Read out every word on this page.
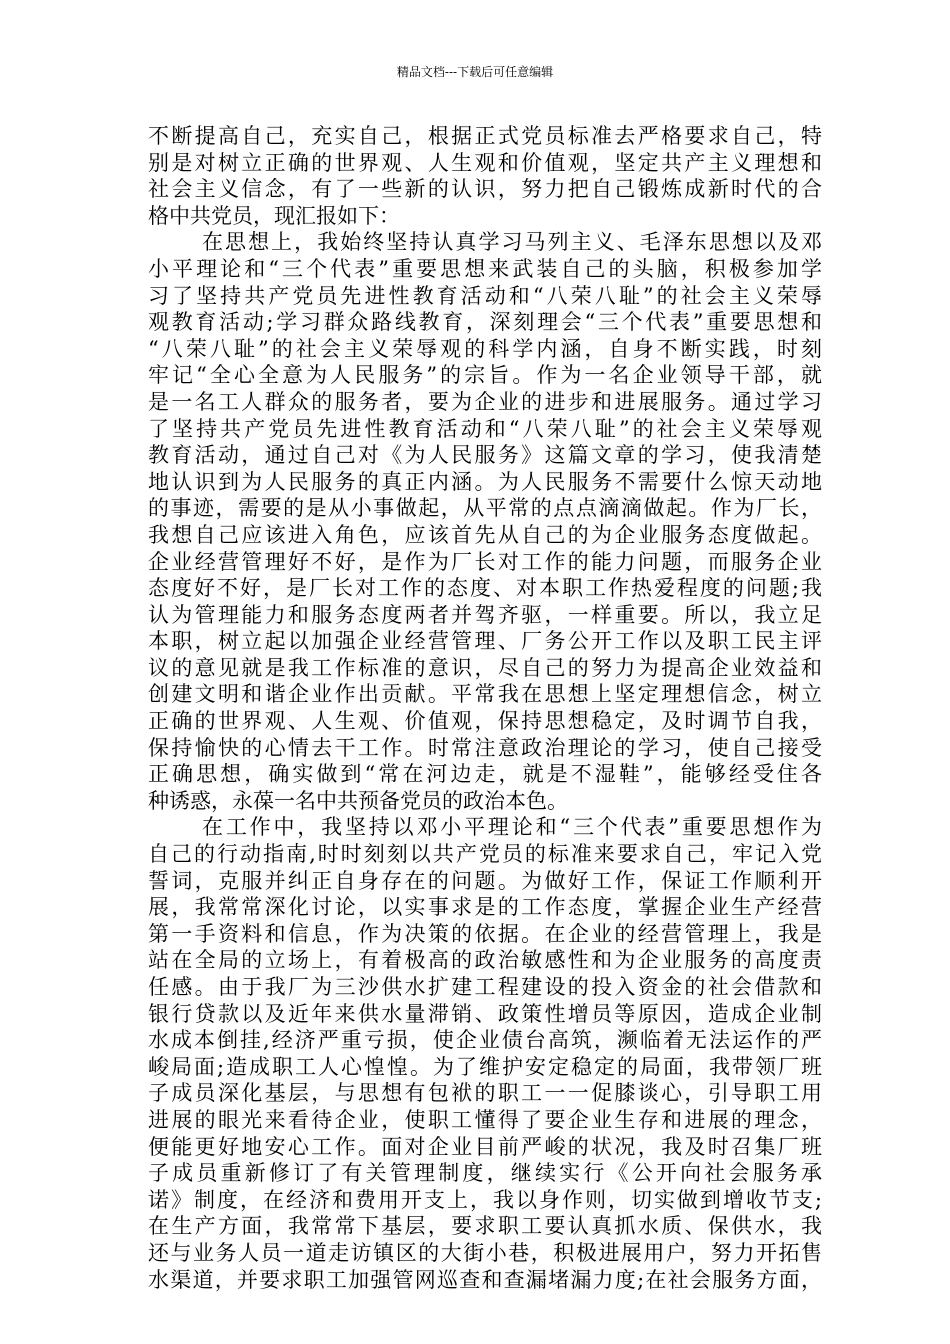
精品文档---下载后可任意编辑
不断提高自己，充实自己，根据正式党员标准去严格要求自己，特
别是对树立正确的世界观、人生观和价值观，坚定共产主义理想和
社会主义信念，有了一些新的认识，努力把自己锻炼成新时代的合
格中共党员，现汇报如下：
在思想上，我始终坚持认真学习马列主义、毛泽东思想以及邓
小平理论和“三个代表”重要思想来武装自己的头脑，积极参加学
习了坚持共产党员先进性教育活动和“八荣八耻”的社会主义荣辱
观教育活动;学习群众路线教育，深刻理会“三个代表”重要思想和
“八荣八耻”的社会主义荣辱观的科学内涵，自身不断实践，时刻
牢记“全心全意为人民服务”的宗旨。作为一名企业领导干部，就
是一名工人群众的服务者，要为企业的进步和进展服务。通过学习
了坚持共产党员先进性教育活动和“八荣八耻”的社会主义荣辱观
教育活动，通过自己对《为人民服务》这篇文章的学习，使我清楚
地认识到为人民服务的真正内涵。为人民服务不需要什么惊天动地
的事迹，需要的是从小事做起，从平常的点点滴滴做起。作为厂长，
我想自己应该进入角色，应该首先从自己的为企业服务态度做起。
企业经营管理好不好，是作为厂长对工作的能力问题，而服务企业
态度好不好，是厂长对工作的态度、对本职工作热爱程度的问题;我
认为管理能力和服务态度两者并驾齐驱，一样重要。所以，我立足
本职，树立起以加强企业经营管理、厂务公开工作以及职工民主评
议的意见就是我工作标准的意识，尽自己的努力为提高企业效益和
创建文明和谐企业作出贡献。平常我在思想上坚定理想信念，树立
正确的世界观、人生观、价值观，保持思想稳定，及时调节自我，
保持愉快的心情去干工作。时常注意政治理论的学习，使自己接受
正确思想，确实做到“常在河边走，就是不湿鞋”，能够经受住各
种诱惑，永葆一名中共预备党员的政治本色。
在工作中，我坚持以邓小平理论和“三个代表”重要思想作为
自己的行动指南,时时刻刻以共产党员的标准来要求自己，牢记入党
誓词，克服并纠正自身存在的问题。为做好工作，保证工作顺利开
展，我常常深化讨论，以实事求是的工作态度，掌握企业生产经营
第一手资料和信息，作为决策的依据。在企业的经营管理上，我是
站在全局的立场上，有着极高的政治敏感性和为企业服务的高度责
任感。由于我厂为三沙供水扩建工程建设的投入资金的社会借款和
银行贷款以及近年来供水量滞销、政策性增员等原因，造成企业制
水成本倒挂,经济严重亏损，使企业债台高筑，濒临着无法运作的严
峻局面;造成职工人心惶惶。为了维护安定稳定的局面，我带领厂班
子成员深化基层，与思想有包袱的职工一一促膝谈心，引导职工用
进展的眼光来看待企业，使职工懂得了要企业生存和进展的理念，
便能更好地安心工作。面对企业目前严峻的状况，我及时召集厂班
子成员重新修订了有关管理制度，继续实行《公开向社会服务承
诺》制度，在经济和费用开支上，我以身作则，切实做到增收节支;
在生产方面，我常常下基层，要求职工要认真抓水质、保供水，我
还与业务人员一道走访镇区的大街小巷，积极进展用户，努力开拓售
水渠道，并要求职工加强管网巡查和查漏堵漏力度;在社会服务方面，
